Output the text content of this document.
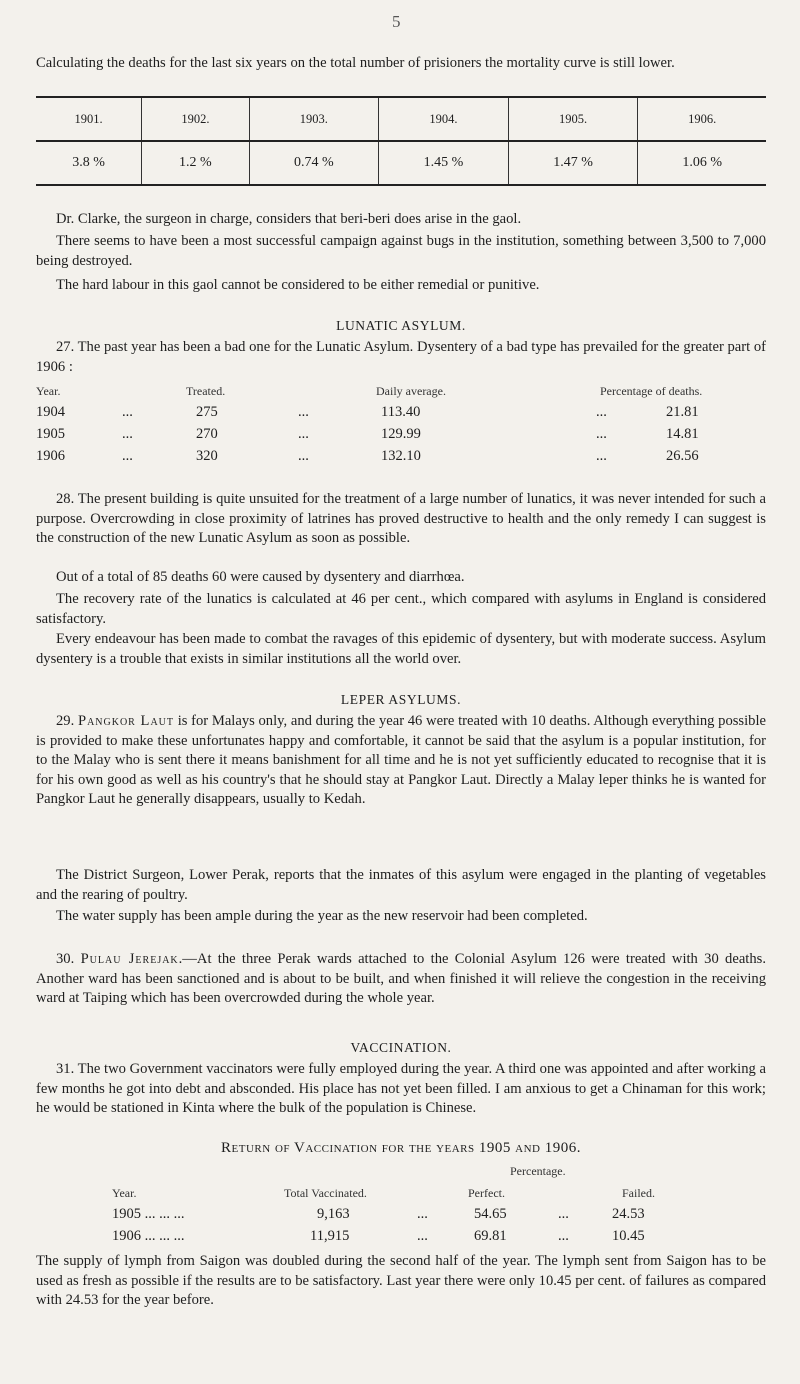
5

Calculating the deaths for the last six years on the total number of prisioners the mortality curve is still lower.

1901.	1902.	1903.	1904.	1905.	1906.
3.8 %	1.2 %	0.74 %	1.45 %	1.47 %	1.06 %

Dr. Clarke, the surgeon in charge, considers that beri-beri does arise in the gaol.

There seems to have been a most successful campaign against bugs in the institution, something between 3,500 to 7,000 being destroyed.

The hard labour in this gaol cannot be considered to be either remedial or punitive.

LUNATIC ASYLUM.

27. The past year has been a bad one for the Lunatic Asylum. Dysentery of a bad type has prevailed for the greater part of 1906 :

Year.	Treated.	Daily average.	Percentage of deaths.
1904	...	275	...	113.40	...	21.81
1905	...	270	...	129.99	...	14.81
1906	...	320	...	132.10	...	26.56

28. The present building is quite unsuited for the treatment of a large number of lunatics, it was never intended for such a purpose. Overcrowding in close proximity of latrines has proved destructive to health and the only remedy I can suggest is the construction of the new Lunatic Asylum as soon as possible.

Out of a total of 85 deaths 60 were caused by dysentery and diarrhœa.

The recovery rate of the lunatics is calculated at 46 per cent., which compared with asylums in England is considered satisfactory.

Every endeavour has been made to combat the ravages of this epidemic of dysentery, but with moderate success. Asylum dysentery is a trouble that exists in similar institutions all the world over.

LEPER ASYLUMS.

29. Pangkor Laut is for Malays only, and during the year 46 were treated with 10 deaths. Although everything possible is provided to make these unfortunates happy and comfortable, it cannot be said that the asylum is a popular institution, for to the Malay who is sent there it means banishment for all time and he is not yet sufficiently educated to recognise that it is for his own good as well as his country's that he should stay at Pangkor Laut. Directly a Malay leper thinks he is wanted for Pangkor Laut he generally disappears, usually to Kedah.

The District Surgeon, Lower Perak, reports that the inmates of this asylum were engaged in the planting of vegetables and the rearing of poultry.

The water supply has been ample during the year as the new reservoir had been completed.

30. Pulau Jerejak.—At the three Perak wards attached to the Colonial Asylum 126 were treated with 30 deaths. Another ward has been sanctioned and is about to be built, and when finished it will relieve the congestion in the receiving ward at Taiping which has been overcrowded during the whole year.

VACCINATION.

31. The two Government vaccinators were fully employed during the year. A third one was appointed and after working a few months he got into debt and absconded. His place has not yet been filled. I am anxious to get a Chinaman for this work; he would be stationed in Kinta where the bulk of the population is Chinese.

Return of Vaccination for the years 1905 and 1906.
Percentage.
Year.	Total Vaccinated.	Perfect.	Failed.
1905 ... ... ...	9,163	...	54.65	...	24.53
1906 ... ... ...	11,915	...	69.81	...	10.45

The supply of lymph from Saigon was doubled during the second half of the year. The lymph sent from Saigon has to be used as fresh as possible if the results are to be satisfactory. Last year there were only 10.45 per cent. of failures as compared with 24.53 for the year before.
